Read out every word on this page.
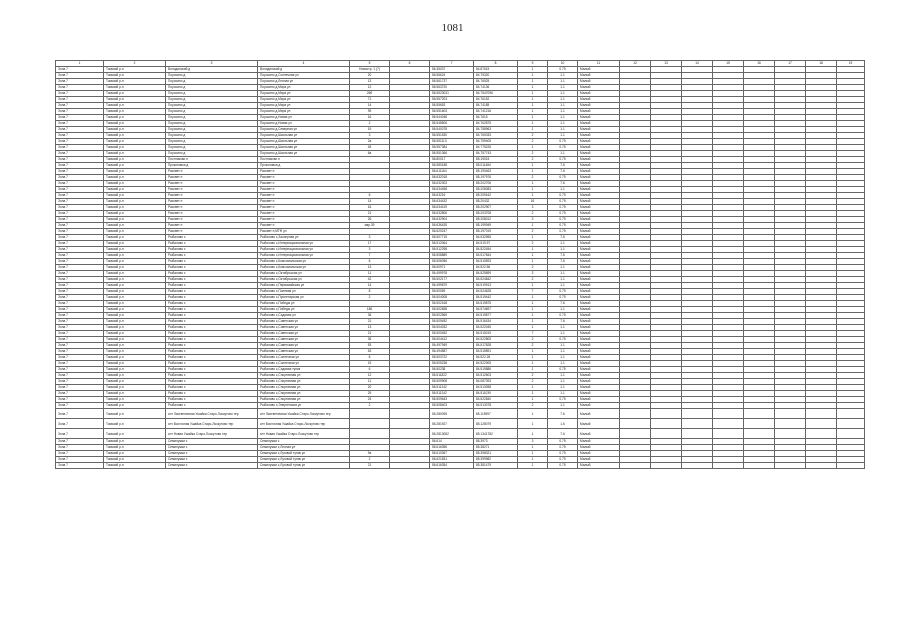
1081
1	2	3	4	5	6	7	8	9	10	11	12	13	14	15	16	17	18	19
Зона 7	Томский р-н	Володинский д	Володинский д	Новостр. 1 (?)		56.35037	84.87615	1	0.75	Малый								
Зона 7	Томский р-н	Поросино д	Поросино д,Солнечная ул	20		56.56624	84.75320	1	1.1	Малый								
Зона 7	Томский р-н	Поросино д	Поросино д,Лесная ул	13		56.561737	84.76525	1	1.1	Малый								
Зона 7	Томский р-н	Поросино д	Поросино д,Мира ул	12		56.563720	84.74136	1	1.1	Малый								
Зона 7	Томский р-н	Поросино д	Поросино д,Мира ул	26б		56.5523031	84.7547096	1	1.1	Малый								
Зона 7	Томский р-н	Поросино д	Поросино д,Мира ул	71		56.557203	84.76152	1	1.1	Малый								
Зона 7	Томский р-н	Поросино д	Поросино д,Мира ул	14		56.55653	84.74185	1	1.1	Малый								
Зона 7	Томский р-н	Поросино д	Поросино д,Мира ул	99		56.551603	84.741216	1	1.1	Малый								
Зона 7	Томский р-н	Поросино д	Поросино д,Новая ул	16		56.544048	84.7615	1	1.1	Малый								
Зона 7	Томский р-н	Поросино д	Поросино д,Новая ул	2		56.548506	84.762875	1	1.1	Малый								
Зона 7	Томский р-н	Поросино д	Поросино д,Северная ул	19		56.540078	84.758963	1	1.1	Малый								
Зона 7	Томский р-н	Поросино д	Поросино д,Школьная ул	3		56.551530	84.760033	2	1.1	Малый								
Зона 7	Томский р-н	Поросино д	Поросино д,Школьная ул	2а		56.551113	84.759405	2	0.75	Малый								
Зона 7	Томский р-н	Поросино д	Поросино д,Школьная ул	45		56.557384	84.775226	1	0.75	Малый								
Зона 7	Томский р-н	Поросино д	Поросино д,Школьная ул	6а		56.551366	84.757743	2	1.1	Малый								
Зона 7	Томский р-н	Постниково п	Постниково п			56.80017	85.19015	2	0.75	Малый								
Зона 7	Томский р-н	Прокоповка д	Прокоповка д			56.580188	85.011484	1	7.6	Малый								
Зона 7	Томский р-н	Рассвет п	Рассвет п			56.611164	85.190463	1	7.6	Малый								
Зона 7	Томский р-н	Рассвет п	Рассвет п			56.632018	85.197976	2	0.75	Малый								
Зона 7	Томский р-н	Рассвет п	Рассвет п			56.632303	85.202706	1	7.6	Малый								
Зона 7	Томский р-н	Рассвет п	Рассвет п			56.634458	85.208083	1	1.1	Малый								
Зона 7	Томский р-н	Рассвет п	Рассвет п	6		56.63216	85.209162	1	0.75	Малый								
Зона 7	Томский р-н	Рассвет п	Рассвет п	14		56.634432	85.20432	16	0.75	Малый								
Зона 7	Томский р-н	Рассвет п	Рассвет п	16		56.634419	85.202907	3	0.75	Малый								
Зона 7	Томский р-н	Рассвет п	Рассвет п	21		56.632806	85.203708	2	0.75	Малый								
Зона 7	Томский р-н	Рассвет п	Рассвет п	26		56.632904	85.208012	3	0.75	Малый								
Зона 7	Томский р-н	Рассвет п	Рассвет п	мкр.39		56.636435	85.199949	1	0.75	Малый								
Зона 7	Томский р-н	Рассвет п	Рассвет п,МТФ ул			56.620247	85.197019	2	0.75	Малый								
Зона 7	Томский р-н	Рыбалово с	Рыбалово с,Заозерная ул	3		56.507715	84.532955	1	7.6	Малый								
Зона 7	Томский р-н	Рыбалово с	Рыбалово с,Интернациональная ул	17		56.512064	84.519.97	2	1.1	Малый								
Зона 7	Томский р-н	Рыбалово с	Рыбалово с,Интернациональная ул	3		56.512298	84.522454	1	1.1	Малый								
Зона 7	Томский р-н	Рыбалово с	Рыбалово с,Интернациональная ул	7		56.508889	84.517844	1	7.6	Малый								
Зона 7	Томский р-н	Рыбалово с	Рыбалово с,Комсомольская ул	8		56.506056	84.515593	1	7.6	Малый								
Зона 7	Томский р-н	Рыбалово с	Рыбалово с,Комсомольская ул	13		56.50971	84.522.56	2	1.1	Малый								
Зона 7	Томский р-н	Рыбалово с	Рыбалово с,Октябрьская ул	11		56.499978	84.525899	3	1.1	Малый								
Зона 7	Томский р-н	Рыбалово с	Рыбалово с,Октябрьская ул	42		56.502177	84.524842	2	1.1	Малый								
Зона 7	Томский р-н	Рыбалово с	Рыбалово с,Первомайская ул	14		56.499879	84.519913	1	1.1	Малый								
Зона 7	Томский р-н	Рыбалово с	Рыбалово с,Полевая ул	8		56.50069	84.524628	7	0.75	Малый								
Зона 7	Томский р-н	Рыбалово с	Рыбалово с,Пролетарская ул	2		56.504008	84.519442	1	0.75	Малый								
Зона 7	Томский р-н	Рыбалово с	Рыбалово с,Победы ул			56.502168	84.519875	1	7.6	Малый								
Зона 7	Томский р-н	Рыбалово с	Рыбалово с,Победы ул	186		56.502658	84.574697	1	1.1	Малый								
Зона 7	Томский р-н	Рыбалово с	Рыбалово с,Садовая ул	36		56.502569	84.519877	1	0.75	Малый								
Зона 7	Томский р-н	Рыбалово с	Рыбалово с,Советская ул	21		56.509452	84.516434	1	7.6	Малый								
Зона 7	Томский р-н	Рыбалово с	Рыбалово с,Советская ул	13		56.504032	84.522045	1	1.1	Малый								
Зона 7	Томский р-н	Рыбалово с	Рыбалово с,Советская ул	21		56.500452	84.515019	7	1.1	Малый								
Зона 7	Томский р-н	Рыбалово с	Рыбалово с,Советская ул	36		56.504412	84.522805	2	0.75	Малый								
Зона 7	Томский р-н	Рыбалово с	Рыбалово с,Советская ул	53		56.497949	84.517828	2	1.1	Малый								
Зона 7	Томский р-н	Рыбалово с	Рыбалово с,Советская ул	63		56.494587	84.515891	1	1.1	Малый								
Зона 7	Томский р-н	Рыбалово с	Рыбалово с,Солнечная ул	8		56.503722	84.522.28	1	1.1	Малый								
Зона 7	Томский р-н	Рыбалово с	Рыбалово с,Солнечная ул	19		56.505238	84.522005	1	1.1	Малый								
Зона 7	Томский р-н	Рыбалово с	Рыбалово с,Садовая тупик	6		56.50238	84.519886	1	0.75	Малый								
Зона 7	Томский р-н	Рыбалово с	Рыбалово с,Спортивная ул	12		56.511822	84.512603	2	1.1	Малый								
Зона 7	Томский р-н	Рыбалово с	Рыбалово с,Спортивная ул	11		56.509908	84.087393	2	1.1	Малый								
Зона 7	Томский р-н	Рыбалово с	Рыбалово с,Спортивная ул	20		56.511242	84.513058	1	1.1	Малый								
Зона 7	Томский р-н	Рыбалово с	Рыбалово с,Спортивная ул	29		56.511242	84.511039	1	1.1	Малый								
Зона 7	Томский р-н	Рыбалово с	Рыбалово с,Спортивная ул	24		56.509643	84.522840	1	0.75	Малый								
Зона 7	Томский р-н	Рыбалово с	Рыбалово с,Энергетиков ул	2		56.508403	84.513078	2	1.1	Малый								
Зона 7	Томский р-н	снт Лиственичная Ушайка Старо-Лоскутово тер	снт Лиственичная Ушайка Старо-Лоскутово тер			56.280095	85.115997	1	7.6	Малый								
Зона 7	Томский р-н	снт Восточная Ушайка Старо-Лоскутово тер	снт Восточная Ушайка Старо-Лоскутово тер			56.281927	85.128079	1	1.6	Малый								
Зона 7	Томский р-н	снт Новая Ушайка Старо-Лоскутово тер	снт Новая Ушайка Старо-Лоскутово тер			56.2813082	85.1341782	1	7.6	Малый								
Зона 7	Томский р-н	Семилужки с	Семилужки с			56.614	85.3973	3	0.75	Малый								
Зона 7	Томский р-н	Семилужки с	Семилужки с,Лесная ул			56.616356	85.38271	1	0.75	Малый								
Зона 7	Томский р-н	Семилужки с	Семилужки с,Луговой тупик ул	9а		56.610367	85.398321	1	0.75	Малый								
Зона 7	Томский р-н	Семилужки с	Семилужки с,Луговой тупик ул	2		56.621831	85.399982	1	0.75	Малый								
Зона 7	Томский р-н	Семилужки с	Семилужки с,Луговой тупик ул	21		56.616354	85.381479	1	0.75	Малый								
